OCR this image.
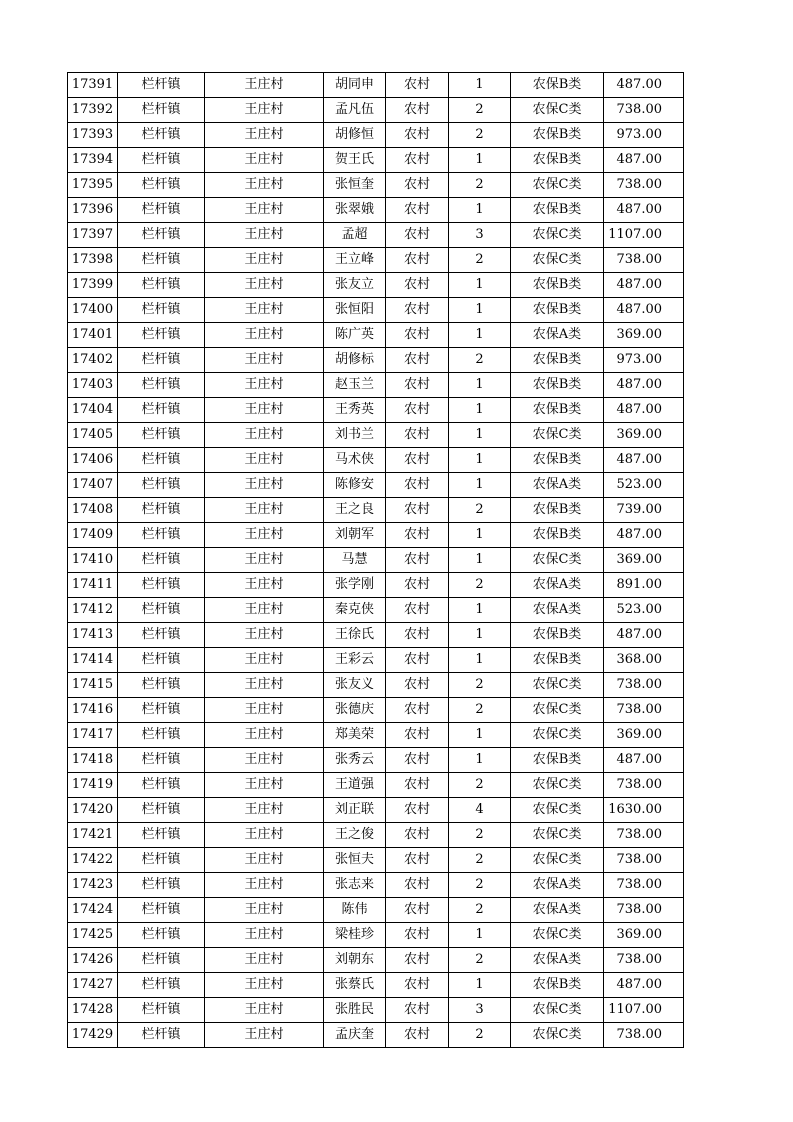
17391	栏杆镇	王庄村	胡同申	农村	1	农保B类	487.00
17392	栏杆镇	王庄村	孟凡伍	农村	2	农保C类	738.00
17393	栏杆镇	王庄村	胡修恒	农村	2	农保B类	973.00
17394	栏杆镇	王庄村	贺王氏	农村	1	农保B类	487.00
17395	栏杆镇	王庄村	张恒奎	农村	2	农保C类	738.00
17396	栏杆镇	王庄村	张翠娥	农村	1	农保B类	487.00
17397	栏杆镇	王庄村	孟超	农村	3	农保C类	1107.00
17398	栏杆镇	王庄村	王立峰	农村	2	农保C类	738.00
17399	栏杆镇	王庄村	张友立	农村	1	农保B类	487.00
17400	栏杆镇	王庄村	张恒阳	农村	1	农保B类	487.00
17401	栏杆镇	王庄村	陈广英	农村	1	农保A类	369.00
17402	栏杆镇	王庄村	胡修标	农村	2	农保B类	973.00
17403	栏杆镇	王庄村	赵玉兰	农村	1	农保B类	487.00
17404	栏杆镇	王庄村	王秀英	农村	1	农保B类	487.00
17405	栏杆镇	王庄村	刘书兰	农村	1	农保C类	369.00
17406	栏杆镇	王庄村	马术侠	农村	1	农保B类	487.00
17407	栏杆镇	王庄村	陈修安	农村	1	农保A类	523.00
17408	栏杆镇	王庄村	王之良	农村	2	农保B类	739.00
17409	栏杆镇	王庄村	刘朝军	农村	1	农保B类	487.00
17410	栏杆镇	王庄村	马慧	农村	1	农保C类	369.00
17411	栏杆镇	王庄村	张学刚	农村	2	农保A类	891.00
17412	栏杆镇	王庄村	秦克侠	农村	1	农保A类	523.00
17413	栏杆镇	王庄村	王徐氏	农村	1	农保B类	487.00
17414	栏杆镇	王庄村	王彩云	农村	1	农保B类	368.00
17415	栏杆镇	王庄村	张友义	农村	2	农保C类	738.00
17416	栏杆镇	王庄村	张德庆	农村	2	农保C类	738.00
17417	栏杆镇	王庄村	郑美荣	农村	1	农保C类	369.00
17418	栏杆镇	王庄村	张秀云	农村	1	农保B类	487.00
17419	栏杆镇	王庄村	王道强	农村	2	农保C类	738.00
17420	栏杆镇	王庄村	刘正联	农村	4	农保C类	1630.00
17421	栏杆镇	王庄村	王之俊	农村	2	农保C类	738.00
17422	栏杆镇	王庄村	张恒夫	农村	2	农保C类	738.00
17423	栏杆镇	王庄村	张志来	农村	2	农保A类	738.00
17424	栏杆镇	王庄村	陈伟	农村	2	农保A类	738.00
17425	栏杆镇	王庄村	梁桂珍	农村	1	农保C类	369.00
17426	栏杆镇	王庄村	刘朝东	农村	2	农保A类	738.00
17427	栏杆镇	王庄村	张蔡氏	农村	1	农保B类	487.00
17428	栏杆镇	王庄村	张胜民	农村	3	农保C类	1107.00
17429	栏杆镇	王庄村	孟庆奎	农村	2	农保C类	738.00
